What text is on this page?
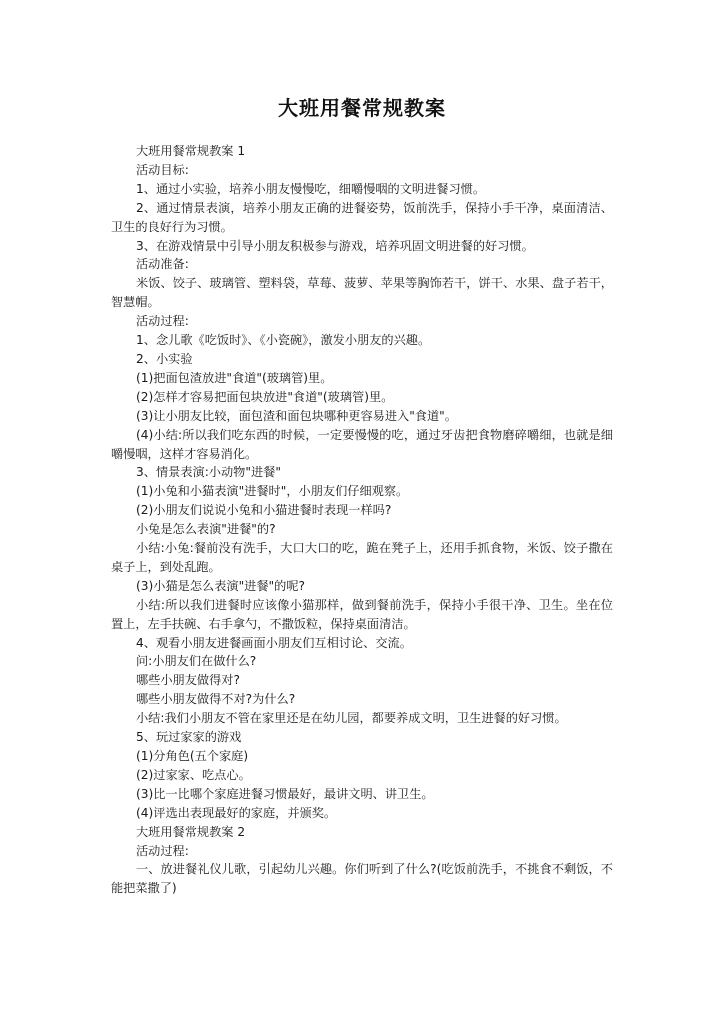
大班用餐常规教案

大班用餐常规教案 1

活动目标:

1、通过小实验，培养小朋友慢慢吃，细嚼慢咽的文明进餐习惯。

2、通过情景表演，培养小朋友正确的进餐姿势，饭前洗手，保持小手干净，桌面清洁、卫生的良好行为习惯。

3、在游戏情景中引导小朋友积极参与游戏，培养巩固文明进餐的好习惯。

活动准备:

米饭、饺子、玻璃管、塑料袋，草莓、菠萝、苹果等胸饰若干，饼干、水果、盘子若干，智慧帽。

活动过程:

1、念儿歌《吃饭时》、《小瓷碗》，激发小朋友的兴趣。

2、小实验

(1)把面包渣放进"食道"(玻璃管)里。

(2)怎样才容易把面包块放进"食道"(玻璃管)里。

(3)让小朋友比较，面包渣和面包块哪种更容易进入"食道"。

(4)小结:所以我们吃东西的时候，一定要慢慢的吃，通过牙齿把食物磨碎嚼细，也就是细嚼慢咽，这样才容易消化。

3、情景表演:小动物"进餐"

(1)小兔和小猫表演"进餐时"，小朋友们仔细观察。

(2)小朋友们说说小兔和小猫进餐时表现一样吗?

小兔是怎么表演"进餐"的?

小结:小兔:餐前没有洗手，大口大口的吃，跪在凳子上，还用手抓食物，米饭、饺子撒在桌子上，到处乱跑。

(3)小猫是怎么表演"进餐"的呢?

小结:所以我们进餐时应该像小猫那样，做到餐前洗手，保持小手很干净、卫生。坐在位置上，左手扶碗、右手拿勺，不撒饭粒，保持桌面清洁。

4、观看小朋友进餐画面小朋友们互相讨论、交流。

问:小朋友们在做什么?

哪些小朋友做得对?

哪些小朋友做得不对?为什么?

小结:我们小朋友不管在家里还是在幼儿园，都要养成文明，卫生进餐的好习惯。

5、玩过家家的游戏

(1)分角色(五个家庭)

(2)过家家、吃点心。

(3)比一比哪个家庭进餐习惯最好，最讲文明、讲卫生。

(4)评选出表现最好的家庭，并颁奖。

大班用餐常规教案 2

活动过程:

一、放进餐礼仪儿歌，引起幼儿兴趣。你们听到了什么?(吃饭前洗手，不挑食不剩饭，不能把菜撒了)
